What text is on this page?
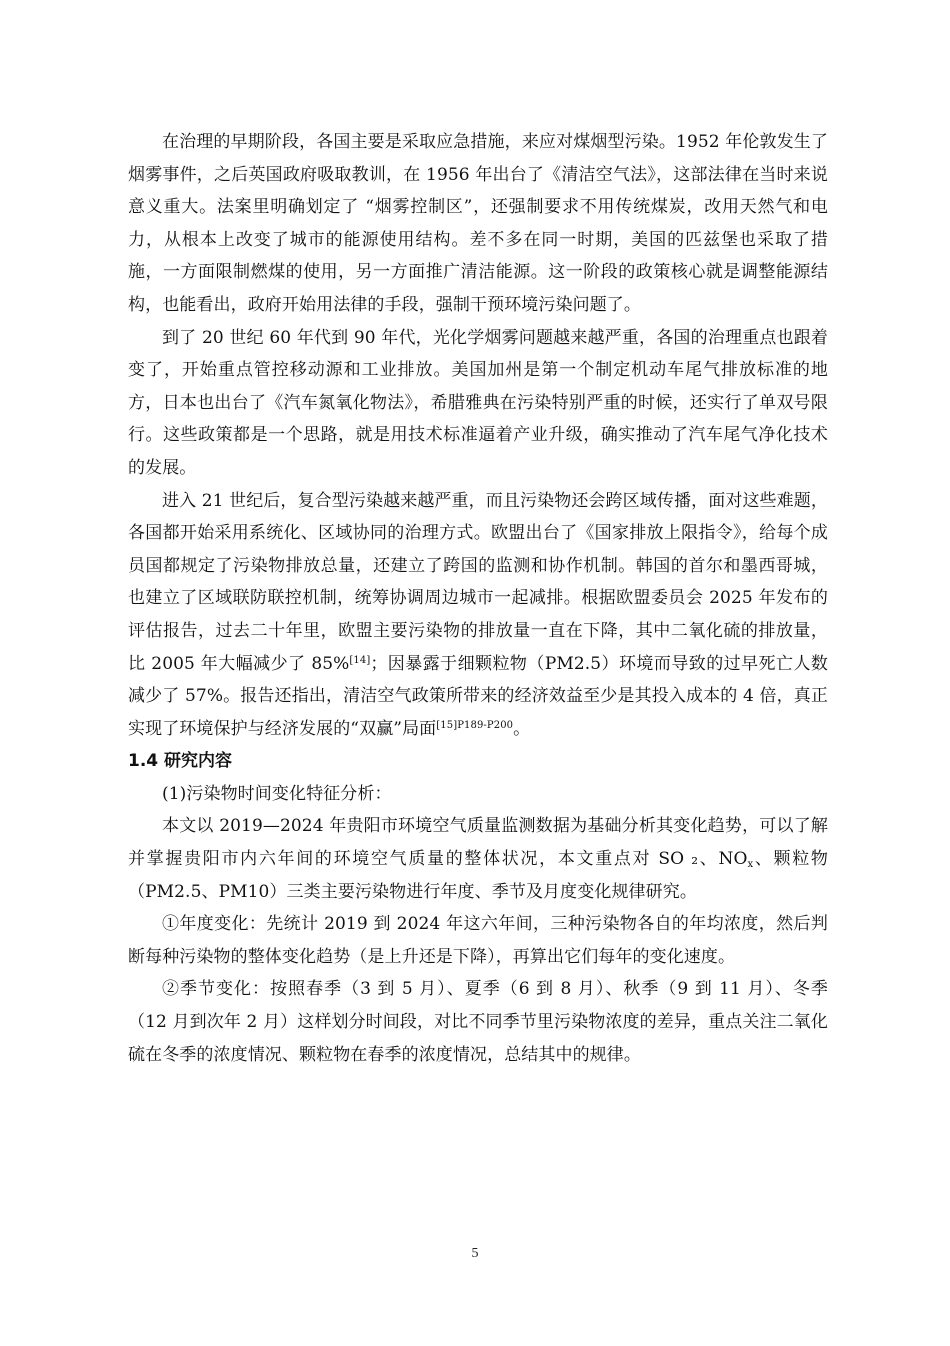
在治理的早期阶段，各国主要是采取应急措施，来应对煤烟型污染。1952 年伦敦发生了烟雾事件，之后英国政府吸取教训，在 1956 年出台了《清洁空气法》，这部法律在当时来说意义重大。法案里明确划定了 “烟雾控制区”，还强制要求不用传统煤炭，改用天然气和电力，从根本上改变了城市的能源使用结构。差不多在同一时期，美国的匹兹堡也采取了措施，一方面限制燃煤的使用，另一方面推广清洁能源。这一阶段的政策核心就是调整能源结构，也能看出，政府开始用法律的手段，强制干预环境污染问题了。

到了 20 世纪 60 年代到 90 年代，光化学烟雾问题越来越严重，各国的治理重点也跟着变了，开始重点管控移动源和工业排放。美国加州是第一个制定机动车尾气排放标准的地方，日本也出台了《汽车氮氧化物法》，希腊雅典在污染特别严重的时候，还实行了单双号限行。这些政策都是一个思路，就是用技术标准逼着产业升级，确实推动了汽车尾气净化技术的发展。

进入 21 世纪后，复合型污染越来越严重，而且污染物还会跨区域传播，面对这些难题，各国都开始采用系统化、区域协同的治理方式。欧盟出台了《国家排放上限指令》，给每个成员国都规定了污染物排放总量，还建立了跨国的监测和协作机制。韩国的首尔和墨西哥城，也建立了区域联防联控机制，统筹协调周边城市一起减排。根据欧盟委员会 2025 年发布的评估报告，过去二十年里，欧盟主要污染物的排放量一直在下降，其中二氧化硫的排放量，比 2005 年大幅减少了 85%[14]；因暴露于细颗粒物（PM2.5）环境而导致的过早死亡人数减少了 57%。报告还指出，清洁空气政策所带来的经济效益至少是其投入成本的 4 倍，真正实现了环境保护与经济发展的“双赢”局面$^{[15]P189-P200}$。

1.4 研究内容

(1)污染物时间变化特征分析：

本文以 2019—2024 年贵阳市环境空气质量监测数据为基础分析其变化趋势，可以了解并掌握贵阳市内六年间的环境空气质量的整体状况，本文重点对 SO ₂、$NO_x$、颗粒物（PM2.5、PM10）三类主要污染物进行年度、季节及月度变化规律研究。

①年度变化：先统计 2019 到 2024 年这六年间，三种污染物各自的年均浓度，然后判断每种污染物的整体变化趋势（是上升还是下降），再算出它们每年的变化速度。

②季节变化：按照春季（3 到 5 月）、夏季（6 到 8 月）、秋季（9 到 11 月）、冬季（12 月到次年 2 月）这样划分时间段，对比不同季节里污染物浓度的差异，重点关注二氧化硫在冬季的浓度情况、颗粒物在春季的浓度情况，总结其中的规律。

5
